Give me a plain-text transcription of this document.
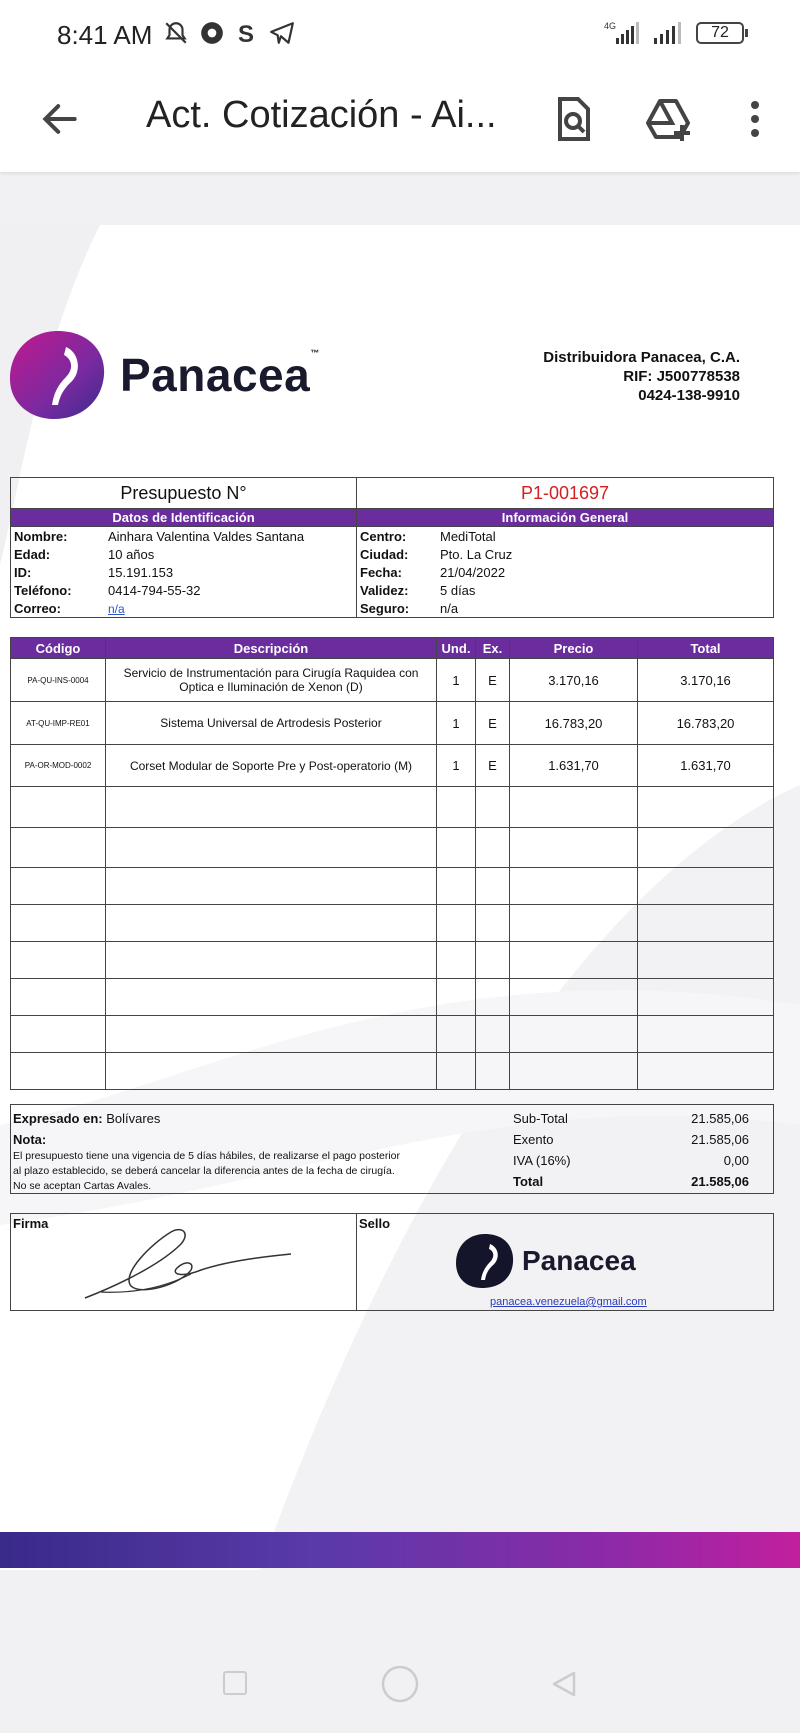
8:41 AM	S	4G	72
Act. Cotización - Ai...
Panacea™	Distribuidora Panacea, C.A.
RIF: J500778538
0424-138-9910
Presupuesto N°	P1-001697
Datos de Identificación	Información General

Nombre:	Ainhara Valentina Valdes Santana
Edad:	10 años
ID:	15.191.153
Teléfono:	0414-794-55-32
Correo:	n/a

Centro:	MediTotal
Ciudad:	Pto. La Cruz
Fecha:	21/04/2022
Validez:	5 días
Seguro:	n/a
Código	Descripción	Und.	Ex.	Precio	Total
PA-QU-INS-0004	Servicio de Instrumentación para Cirugía Raquidea con Optica e Iluminación de Xenon (D)	1	E	3.170,16	3.170,16
AT-QU-IMP-RE01	Sistema Universal de Artrodesis Posterior	1	E	16.783,20	16.783,20
PA-OR-MOD-0002	Corset Modular de Soporte Pre y Post-operatorio (M)	1	E	1.631,70	1.631,70

Expresado en: Bolívares
Nota:
El presupuesto tiene una vigencia de 5 días hábiles, de realizarse el pago posterior
al plazo establecido, se deberá cancelar la diferencia antes de la fecha de cirugía.
No se aceptan Cartas Avales.
Sub-Total	21.585,06
Exento	21.585,06
IVA (16%)	0,00
Total	21.585,06
Firma	Sello
Panacea
panacea.venezuela@gmail.com
